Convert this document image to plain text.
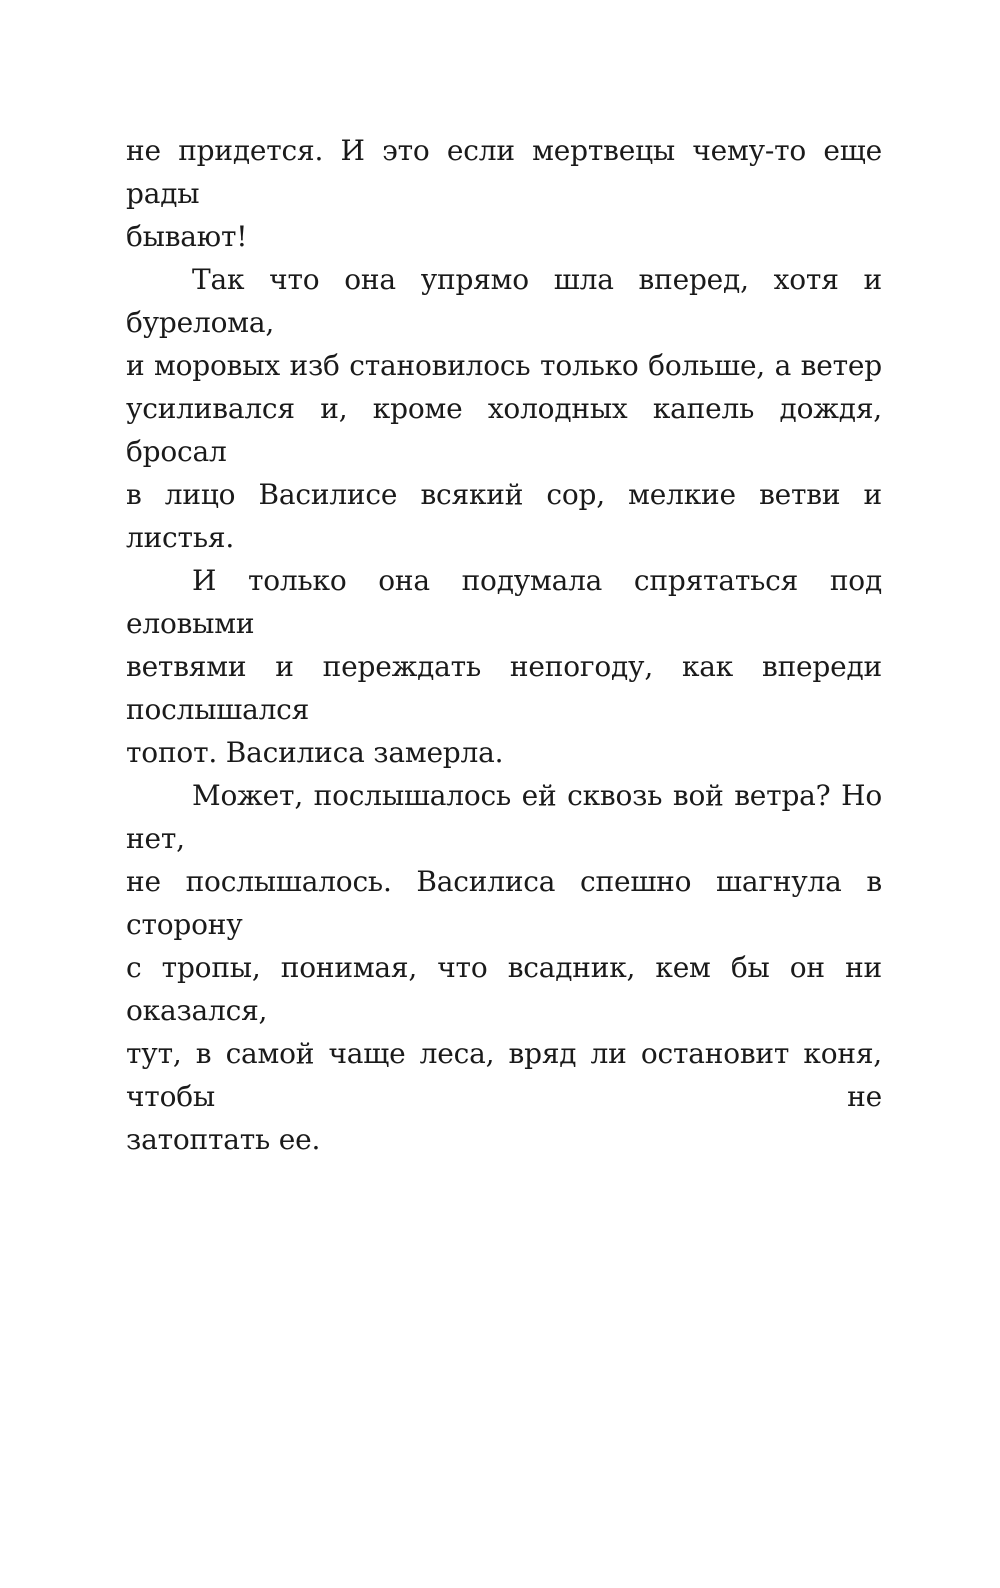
не придется. И это если мертвецы чему-то еще рады
бывают!

Так что она упрямо шла вперед, хотя и бурелома,
и моровых изб становилось только больше, а ветер
усиливался и, кроме холодных капель дождя, бросал
в лицо Василисе всякий сор, мелкие ветви и листья.

И только она подумала спрятаться под еловыми
ветвями и переждать непогоду, как впереди послышался
топот. Василиса замерла.

Может, послышалось ей сквозь вой ветра? Но нет,
не послышалось. Василиса спешно шагнула в сторону
с тропы, понимая, что всадник, кем бы он ни оказался,
тут, в самой чаще леса, вряд ли остановит коня, чтобы не
затоптать ее.
